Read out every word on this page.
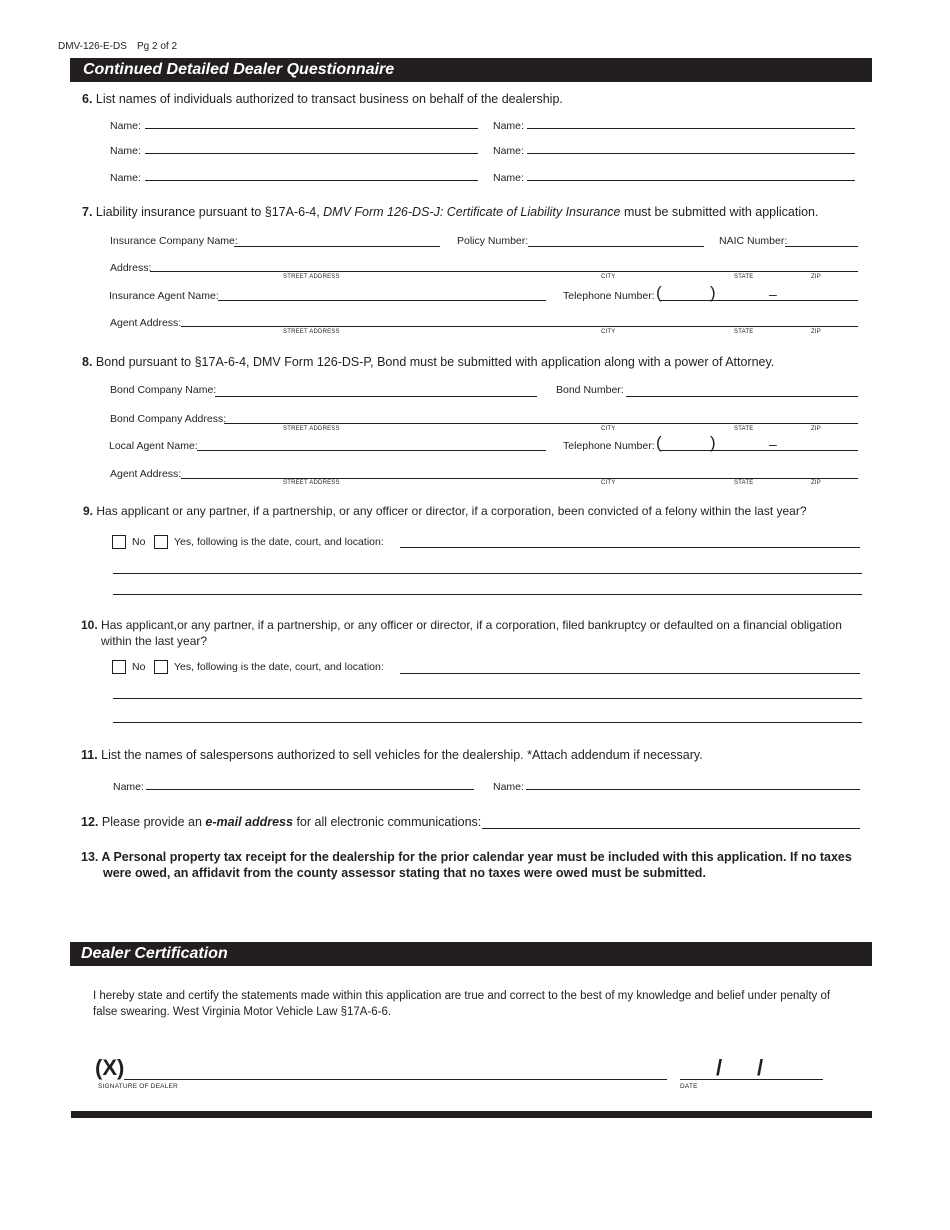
DMV-126-E-DS Pg 2 of 2
Continued Detailed Dealer Questionnaire
6. List names of individuals authorized to transact business on behalf of the dealership.
Name:	Name:
Name:	Name:
Name:	Name:
7. Liability insurance pursuant to §17A-6-4, DMV Form 126-DS-J: Certificate of Liability Insurance must be submitted with application.
Insurance Company Name:	Policy Number:	NAIC Number:
Address:
STREET ADDRESS	CITY	STATE	ZIP
Insurance Agent Name:	Telephone Number: (	)	–
Agent Address:
STREET ADDRESS	CITY	STATE	ZIP
8. Bond pursuant to §17A-6-4, DMV Form 126-DS-P, Bond must be submitted with application along with a power of Attorney.
Bond Company Name:	Bond Number:
Bond Company Address:
STREET ADDRESS	CITY	STATE	ZIP
Local Agent Name:	Telephone Number: (	)	–
Agent Address:
STREET ADDRESS	CITY	STATE	ZIP
9. Has applicant or any partner, if a partnership, or any officer or director, if a corporation, been convicted of a felony within the last year?
No	Yes, following is the date, court, and location:
10. Has applicant,or any partner, if a partnership, or any officer or director, if a corporation, filed bankruptcy or defaulted on a financial obligation
within the last year?
No	Yes, following is the date, court, and location:
11. List the names of salespersons authorized to sell vehicles for the dealership. *Attach addendum if necessary.
Name:	Name:
12. Please provide an e-mail address for all electronic communications:
13. A Personal property tax receipt for the dealership for the prior calendar year must be included with this application. If no taxes
were owed, an affidavit from the county assessor stating that no taxes were owed must be submitted.
Dealer Certification
I hereby state and certify the statements made within this application are true and correct to the best of my knowledge and belief under penalty of
false swearing. West Virginia Motor Vehicle Law §17A-6-6.
(X)
SIGNATURE OF DEALER
/ /
DATE
